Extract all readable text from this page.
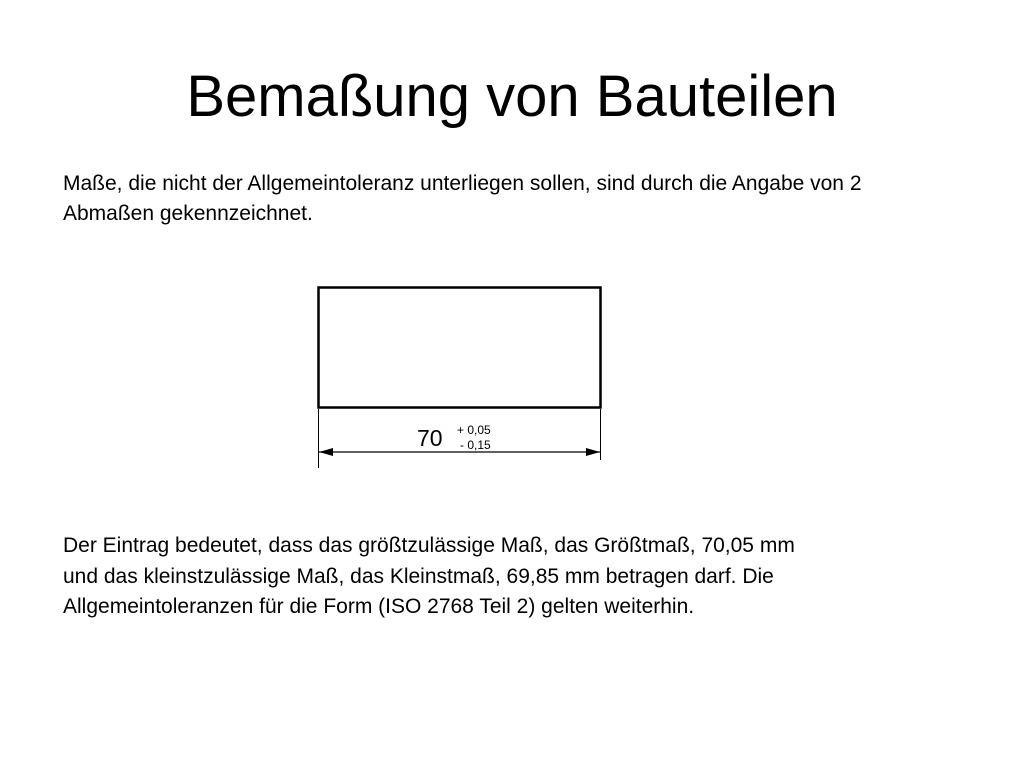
Bemaßung von Bauteilen

Maße, die nicht der Allgemeintoleranz unterliegen sollen, sind durch die Angabe von 2 Abmaßen gekennzeichnet.

70 + 0,05
- 0,15

Der Eintrag bedeutet, dass das größtzulässige Maß, das Größtmaß, 70,05 mm und das kleinstzulässige Maß, das Kleinstmaß, 69,85 mm betragen darf. Die Allgemeintoleranzen für die Form (ISO 2768 Teil 2) gelten weiterhin.
